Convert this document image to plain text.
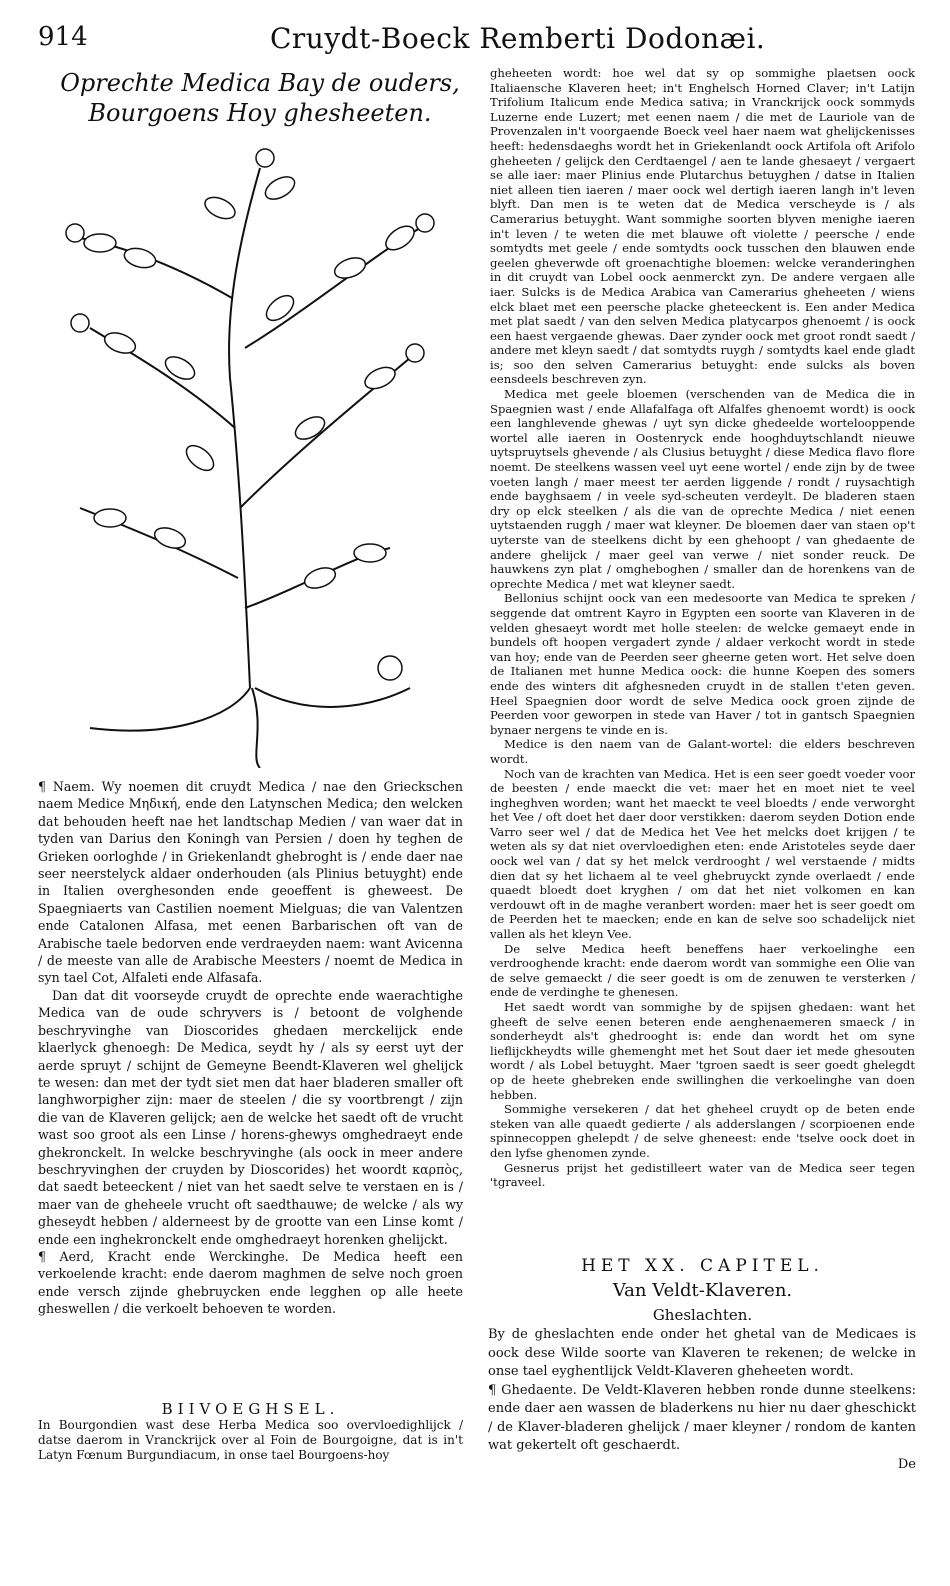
914	Cruydt-Boeck Remberti Dodonæi.
Oprechte Medica Bay de ouders,
Bourgoens Hoy ghesheeten.

¶ Naem. Wy noemen dit cruydt Medica / nae den Grieckschen naem Medice Μηδική, ende den Latynschen Medica; den welcken dat behouden heeft nae het landtschap Medien / van waer dat in tyden van Darius den Koningh van Persien / doen hy teghen de Grieken oorloghde / in Griekenlandt ghebroght is / ende daer nae seer neerstelyck aldaer onderhouden (als Plinius betuyght) ende in Italien overghesonden ende geoeffent is gheweest. De Spaegniaerts van Castilien noement Mielguas; die van Valentzen ende Catalonen Alfasa, met eenen Barbarischen oft van de Arabische taele bedorven ende verdraeyden naem: want Avicenna / de meeste van alle de Arabische Meesters / noemt de Medica in syn tael Cot, Alfaleti ende Alfasafa.

Dan dat dit voorseyde cruydt de oprechte ende waerachtighe Medica van de oude schryvers is / betoont de volghende beschryvinghe van Dioscorides ghedaen merckelijck ende klaerlyck ghenoegh: De Medica, seydt hy / als sy eerst uyt der aerde spruyt / schijnt de Gemeyne Beendt-Klaveren wel ghelijck te wesen: dan met der tydt siet men dat haer bladeren smaller oft langhworpigher zijn: maer de steelen / die sy voortbrengt / zijn die van de Klaveren gelijck; aen de welcke het saedt oft de vrucht wast soo groot als een Linse / horens-ghewys omghedraeyt ende ghekronckelt. In welcke beschryvinghe (als oock in meer andere beschryvinghen der cruyden by Dioscorides) het woordt καρπὸς, dat saedt beteeckent / niet van het saedt selve te verstaen en is / maer van de gheheele vrucht oft saedthauwe; de welcke / als wy gheseydt hebben / alderneest by de grootte van een Linse komt / ende een inghekronckelt ende omghedraeyt horenken ghelijckt.

¶ Aerd, Kracht ende Werckinghe. De Medica heeft een verkoelende kracht: ende daerom maghmen de selve noch groen ende versch zijnde ghebruycken ende legghen op alle heete gheswellen / die verkoelt behoeven te worden.

BIIVOEGHSEL.
In Bourgondien wast dese Herba Medica soo overvloedighlijck / datse daerom in Vranckrijck over al Foin de Bourgoigne, dat is in't Latyn Fœnum Burgundiacum, in onse tael Bourgoens-hoy

gheheeten wordt: hoe wel dat sy op sommighe plaetsen oock Italiaensche Klaveren heet; in't Enghelsch Horned Claver; in't Latijn Trifolium Italicum ende Medica sativa; in Vranckrijck oock sommyds Luzerne ende Luzert; met eenen naem / die met de Lauriole van de Provenzalen in't voorgaende Boeck veel haer naem wat ghelijckenisses heeft: hedensdaeghs wordt het in Griekenlandt oock Artifola oft Arifolo gheheeten / gelijck den Cerdtaengel / aen te lande ghesaeyt / vergaert se alle iaer: maer Plinius ende Plutarchus betuyghen / datse in Italien niet alleen tien iaeren / maer oock wel dertigh iaeren langh in't leven blyft. Dan men is te weten dat de Medica verscheyde is / als Camerarius betuyght. Want sommighe soorten blyven menighe iaeren in't leven / te weten die met blauwe oft violette / peersche / ende somtydts met geele / ende somtydts oock tusschen den blauwen ende geelen gheverwde oft groenachtighe bloemen: welcke veranderinghen in dit cruydt van Lobel oock aenmerckt zyn. De andere vergaen alle iaer. Sulcks is de Medica Arabica van Camerarius gheheeten / wiens elck blaet met een peersche placke gheteeckent is. Een ander Medica met plat saedt / van den selven Medica platycarpos ghenoemt / is oock een haest vergaende ghewas. Daer zynder oock met groot rondt saedt / andere met kleyn saedt / dat somtydts ruygh / somtydts kael ende gladt is; soo den selven Camerarius betuyght: ende sulcks als boven eensdeels beschreven zyn.

Medica met geele bloemen (verschenden van de Medica die in Spaegnien wast / ende Allafalfaga oft Alfalfes ghenoemt wordt) is oock een langhlevende ghewas / uyt syn dicke ghedeelde wortelooppende wortel alle iaeren in Oostenryck ende hooghduytschlandt nieuwe uytspruytsels ghevende / als Clusius betuyght / diese Medica flavo flore noemt. De steelkens wassen veel uyt eene wortel / ende zijn by de twee voeten langh / maer meest ter aerden liggende / rondt / ruysachtigh ende bayghsaem / in veele syd-scheuten verdeylt. De bladeren staen dry op elck steelken / als die van de oprechte Medica / niet eenen uytstaenden ruggh / maer wat kleyner. De bloemen daer van staen op't uyterste van de steelkens dicht by een ghehoopt / van ghedaente de andere ghelijck / maer geel van verwe / niet sonder reuck. De hauwkens zyn plat / omgheboghen / smaller dan de horenkens van de oprechte Medica / met wat kleyner saedt.

Bellonius schijnt oock van een medesoorte van Medica te spreken / seggende dat omtrent Kayro in Egypten een soorte van Klaveren in de velden ghesaeyt wordt met holle steelen: de welcke gemaeyt ende in bundels oft hoopen vergadert zynde / aldaer verkocht wordt in stede van hoy; ende van de Peerden seer gheerne geten wort. Het selve doen de Italianen met hunne Medica oock: die hunne Koepen des somers ende des winters dit afghesneden cruydt in de stallen t'eten geven. Heel Spaegnien door wordt de selve Medica oock groen zijnde de Peerden voor geworpen in stede van Haver / tot in gantsch Spaegnien bynaer nergens te vinde en is.

Medice is den naem van de Galant-wortel: die elders beschreven wordt.

Noch van de krachten van Medica. Het is een seer goedt voeder voor de beesten / ende maeckt die vet: maer het en moet niet te veel ingheghven worden; want het maeckt te veel bloedts / ende verworght het Vee / oft doet het daer door verstikken: daerom seyden Dotion ende Varro seer wel / dat de Medica het Vee het melcks doet krijgen / te weten als sy dat niet overvloedighen eten: ende Aristoteles seyde daer oock wel van / dat sy het melck verdrooght / wel verstaende / midts dien dat sy het lichaem al te veel ghebruyckt zynde overlaedt / ende quaedt bloedt doet kryghen / om dat het niet volkomen en kan verdouwt oft in de maghe veranbert worden: maer het is seer goedt om de Peerden het te maecken; ende en kan de selve soo schadelijck niet vallen als het kleyn Vee.

De selve Medica heeft beneffens haer verkoelinghe een verdrooghende kracht: ende daerom wordt van sommighe een Olie van de selve gemaeckt / die seer goedt is om de zenuwen te versterken / ende de verdinghe te ghenesen.

Het saedt wordt van sommighe by de spijsen ghedaen: want het gheeft de selve eenen beteren ende aenghenaemeren smaeck / in sonderheydt als't ghedrooght is: ende dan wordt het om syne lieflijckheydts wille ghemenght met het Sout daer iet mede ghesouten wordt / als Lobel betuyght. Maer 'tgroen saedt is seer goedt ghelegdt op de heete ghebreken ende swillinghen die verkoelinghe van doen hebben.

Sommighe versekeren / dat het gheheel cruydt op de beten ende steken van alle quaedt gedierte / als adderslangen / scorpioenen ende spinnecoppen ghelepdt / de selve gheneest: ende 'tselve oock doet in den lyfse ghenomen zynde.

Gesnerus prijst het gedistilleert water van de Medica seer tegen 'tgraveel.

HET XX. CAPITEL.
Van Veldt-Klaveren.
Gheslachten.

By de gheslachten ende onder het ghetal van de Medicaes is oock dese Wilde soorte van Klaveren te rekenen; de welcke in onse tael eyghentlijck Veldt-Klaveren gheheeten wordt.

¶ Ghedaente. De Veldt-Klaveren hebben ronde dunne steelkens: ende daer aen wassen de bladerkens nu hier nu daer gheschickt / de Klaver-bladeren ghelijck / maer kleyner / rondom de kanten wat gekertelt oft geschaerdt.

De
